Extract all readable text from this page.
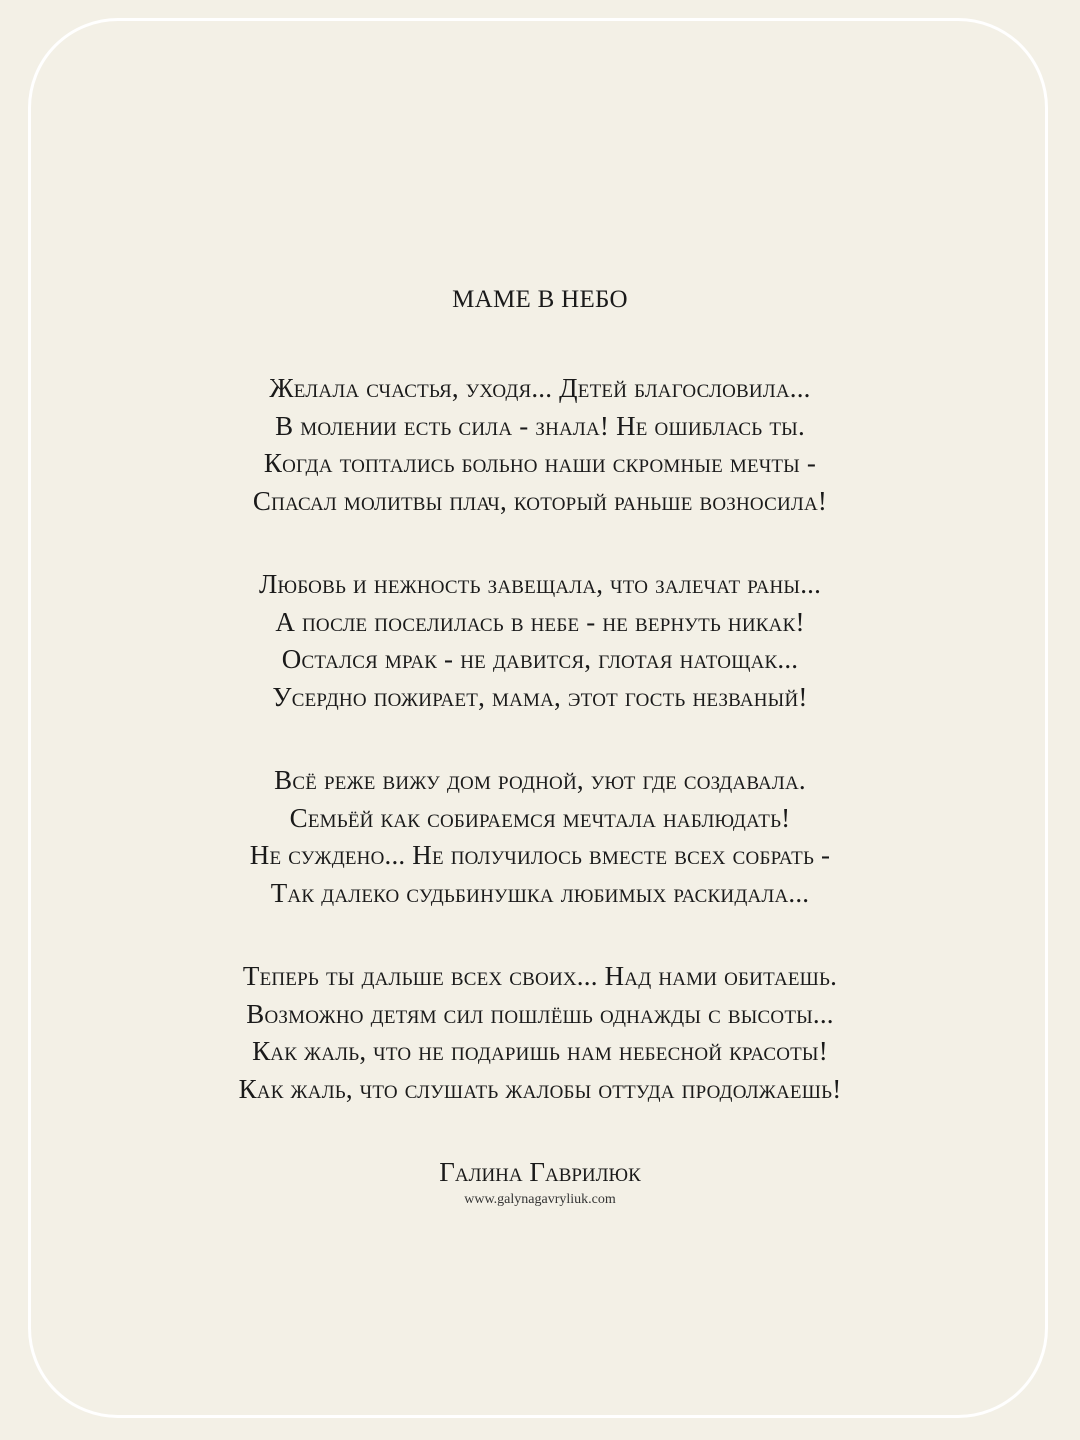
МАМЕ В НЕБО
Желала счастья, уходя... Детей благословила...
В молении есть сила - знала! Не ошиблась ты.
Когда топтались больно наши скромные мечты -
Спасал молитвы плач, который раньше возносила!
Любовь и нежность завещала, что залечат раны...
А после поселилась в небе - не вернуть никак!
Остался мрак - не давится, глотая натощак...
Усердно пожирает, мама, этот гость незваный!
Всё реже вижу дом родной, уют где создавала.
Семьёй как собираемся мечтала наблюдать!
Не суждено... Не получилось вместе всех собрать -
Так далеко судьбинушка любимых раскидала...
Теперь ты дальше всех своих... Над нами обитаешь.
Возможно детям сил пошлёшь однажды с высоты...
Как жаль, что не подаришь нам небесной красоты!
Как жаль, что слушать жалобы оттуда продолжаешь!
Галина Гаврилюк
www.galynagavryliuk.com
